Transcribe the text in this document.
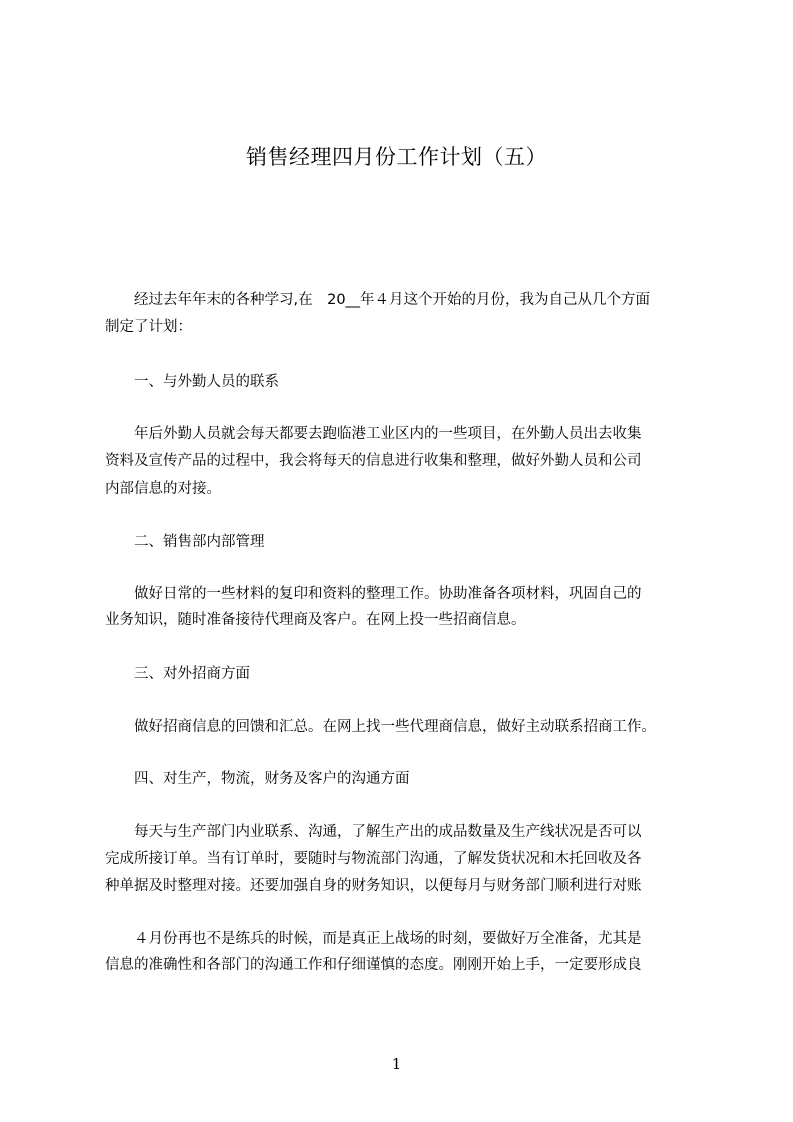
销售经理四月份工作计划（五）
　　经过去年年末的各种学习,在　20__年４月这个开始的月份，我为自己从几个方面
制定了计划：
　　一、与外勤人员的联系
　　年后外勤人员就会每天都要去跑临港工业区内的一些项目，在外勤人员出去收集
资料及宣传产品的过程中，我会将每天的信息进行收集和整理，做好外勤人员和公司
内部信息的对接。
　　二、销售部内部管理
　　做好日常的一些材料的复印和资料的整理工作。协助准备各项材料，巩固自己的
业务知识，随时准备接待代理商及客户。在网上投一些招商信息。
　　三、对外招商方面
　　做好招商信息的回馈和汇总。在网上找一些代理商信息，做好主动联系招商工作。
　　四、对生产，物流，财务及客户的沟通方面
　　每天与生产部门内业联系、沟通，了解生产出的成品数量及生产线状况是否可以
完成所接订单。当有订单时，要随时与物流部门沟通，了解发货状况和木托回收及各
种单据及时整理对接。还要加强自身的财务知识，以便每月与财务部门顺利进行对账
　　４月份再也不是练兵的时候，而是真正上战场的时刻，要做好万全准备，尤其是
信息的准确性和各部门的沟通工作和仔细谨慎的态度。刚刚开始上手，一定要形成良
1
